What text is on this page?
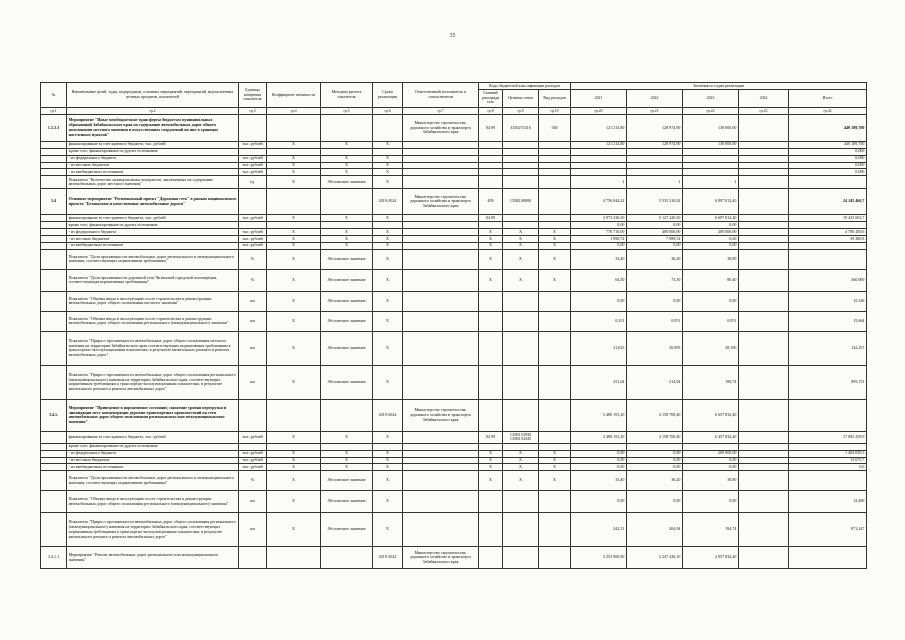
35
№	Наименование целей, задач, подпрограмм, основных мероприятий, мероприятий, ведомственных целевых программ, показателей	Единица измерения показателя	Коэффициент значимости	Методика расчета показателя	Сроки реализации	Ответственный исполнитель и соисполнители	Коды бюджетной классификации расходов			Значения по годам реализации				
							Главный распоряди тель	Целевая статья	Вид расходов	2021	2022	2023	2024	Итого
гр.1	гр.2	гр.3	гр.4	гр.5	гр.6	гр.7	гр.8	гр.9	гр.10	гр.20	гр.21	гр.22	гр.23	гр.24
1.3.3.3	Мероприятие "Иные межбюджетные трансферты бюджетам муниципальных образований Забайкальского края на содержание автомобильных дорог общего пользования местного значения и искусственных сооружений на них в границах населенных пунктов"					Министерство строительства, дорожного хозяйства и транспорта Забайкальского края	04 09	3350274316	540	121 214,80	128 974,90	130 000,00		440 189,700
	финансирование за счет краевого бюджета, тыс. рублей	тыс. рублей	Х	Х	Х					121 214,80	128 974,90	130 000,00		440 189,700
	кроме того, финансирование из других источников:													0,000
	- из федерального бюджета	тыс. рублей	Х	Х	Х									0,000
	- из местных бюджетов	тыс. рублей	Х	Х	Х									0,000
	- из внебюджетных источников	тыс. рублей	Х	Х	Х									0,000
	Показатель "Количество муниципальных контрактов, заключенных на содержание автомобильных дорог местного значения"	ед.	Х	Абсолютное значение	Х					1	1	1		
3.4	Основное мероприятие "Региональный проект "Дорожная сеть" в рамках национального проекта "Безопасные и качественные автомобильные дороги"				2019-2024	Министерство строительства, дорожного хозяйства и транспорта Забайкальского края	409	135R100000		4 756 044,22	5 535 210,02	6 897 812,40		24 145 466,7
	финансирование за счет краевого бюджета, тыс. рублей	тыс. рублей	Х	Х	Х		04 09			3 973 330,50	5 127 220,50	6 697 812,40		19 433 603,7
	кроме того, финансирование из других источников:									0,00	0,00	0,00		
	- из федерального бюджета	тыс. рублей	Х	Х	Х		Х	Х	Х	776 710,00	400 000,00	200 000,00		4 700 450,6
	- из местных бюджетов	тыс. рублей	Х	Х	Х		Х	Х	Х	1 990,72	7 989,52	0,00		39 380,8
	- из внебюджетных источников	тыс. рублей	Х	Х	Х		Х	Х	Х	0,00	0,00	0,00		
	Показатель "Доля протяженности автомобильных дорог регионального и межмуниципального значения, соответствующих нормативным требованиям"	%	Х	Абсолютное значение	Х		Х	Х	Х	33,40	36,20	38,80		
	Показатель "Доля протяженности дорожной сети Читинской городской агломерации, соответствующая нормативным требованиям"	%	Х	Абсолютное значение	Х		Х	Х	Х	64,50	73,30	80,40		360,900
	Показатель "Объемы ввода в эксплуатацию после строительства и реконструкции автомобильных дорог общего пользования местного значения"	км	Х	Абсолютное значение	Х					0,00	0,00	0,00		15,336
	Показатель "Объемы ввода в эксплуатацию после строительства и реконструкции автомобильных дорог общего пользования регионального (межмуниципального) значения"	км	Х	Абсолютное значение	Х					0,351	0,951	0,951		15,664
	Показатель "Прирост протяженности автомобильных дорог общего пользования местного значения на территории Забайкальского края соответствующих нормативным требованиям к транспортно-эксплуатационным показателям, в результате капитального ремонта и ремонта автомобильных дорог"	км	Х	Абсолютное значение	Х					31,625	30,993	28,100		142,257
	Показатель "Прирост протяженности автомобильных дорог общего пользования регионального (межмуниципального) значения на территории Забайкальского края, соответствующих нормативным требованиям к транспортно-эксплуатационным показателям, в результате капитального ремонта и ремонта автомобильных дорог"	км	Х	Абсолютное значение	Х					251,64	214,94	199,74		895,372
3.4.1.	Мероприятие "Приведение в нормативное состояние, снижение уровня перегрузки и ликвидация мест концентрации дорожно-транспортных происшествий на сети автомобильных дорог общего пользования регионального или межмуниципального значения"				2019-2024	Министерство строительства, дорожного хозяйства и транспорта Забайкальского края				3 480 191,20	4 158 700,40	6 657 832,40		
	финансирование за счет краевого бюджета, тыс. рублей	тыс. рублей	Х	Х	Х		04 09	135R153930 135R154345		3 480 191,20	4 158 700,40	6 457 832,40		17 092 259,9
	кроме того, финансирование из других источников:													
	- из федерального бюджета	тыс. рублей	Х	Х	Х		Х	Х	Х	0,00	0,00	200 000,00		1 404 038,3
	- из местных бюджетов	тыс. рублей	Х	Х	Х		Х	Х	Х	0,00	0,00	0,00		13 675,7
	- из внебюджетных источников	тыс. рублей	Х	Х	Х		Х	Х	Х	0,00	0,00	0,00		0,0
	Показатель "Доля протяженности автомобильных дорог регионального и межмуниципального значения, соответствующих нормативным требованиям"	%	Х	Абсолютное значение	Х		Х	Х	Х	33,40	36,20	38,80		
	Показатель "Объемы ввода в эксплуатацию после строительства и реконструкции автомобильных дорог общего пользования регионального (межмуниципального) значения"	км	Х	Абсолютное значение	Х					0,00	0,00	0,00		12,490
	Показатель "Прирост протяженности автомобильных дорог общего пользования регионального (межмуниципального) значения на территории Забайкальского края, соответствующих нормативным требованиям к транспортно-эксплуатационным показателям, в результате капитального ремонта и ремонта автомобильных дорог"	км	Х	Абсолютное значение	Х					242,51	204,94	194,74		871,247
3.4.1.1	Мероприятие "Ремонт автомобильных дорог регионального или межмуниципального значения"				2019-2024	Министерство строительства, дорожного хозяйства и транспорта Забайкальского края				3 253 906,90	2 247 426,10	4 957 832,40		
